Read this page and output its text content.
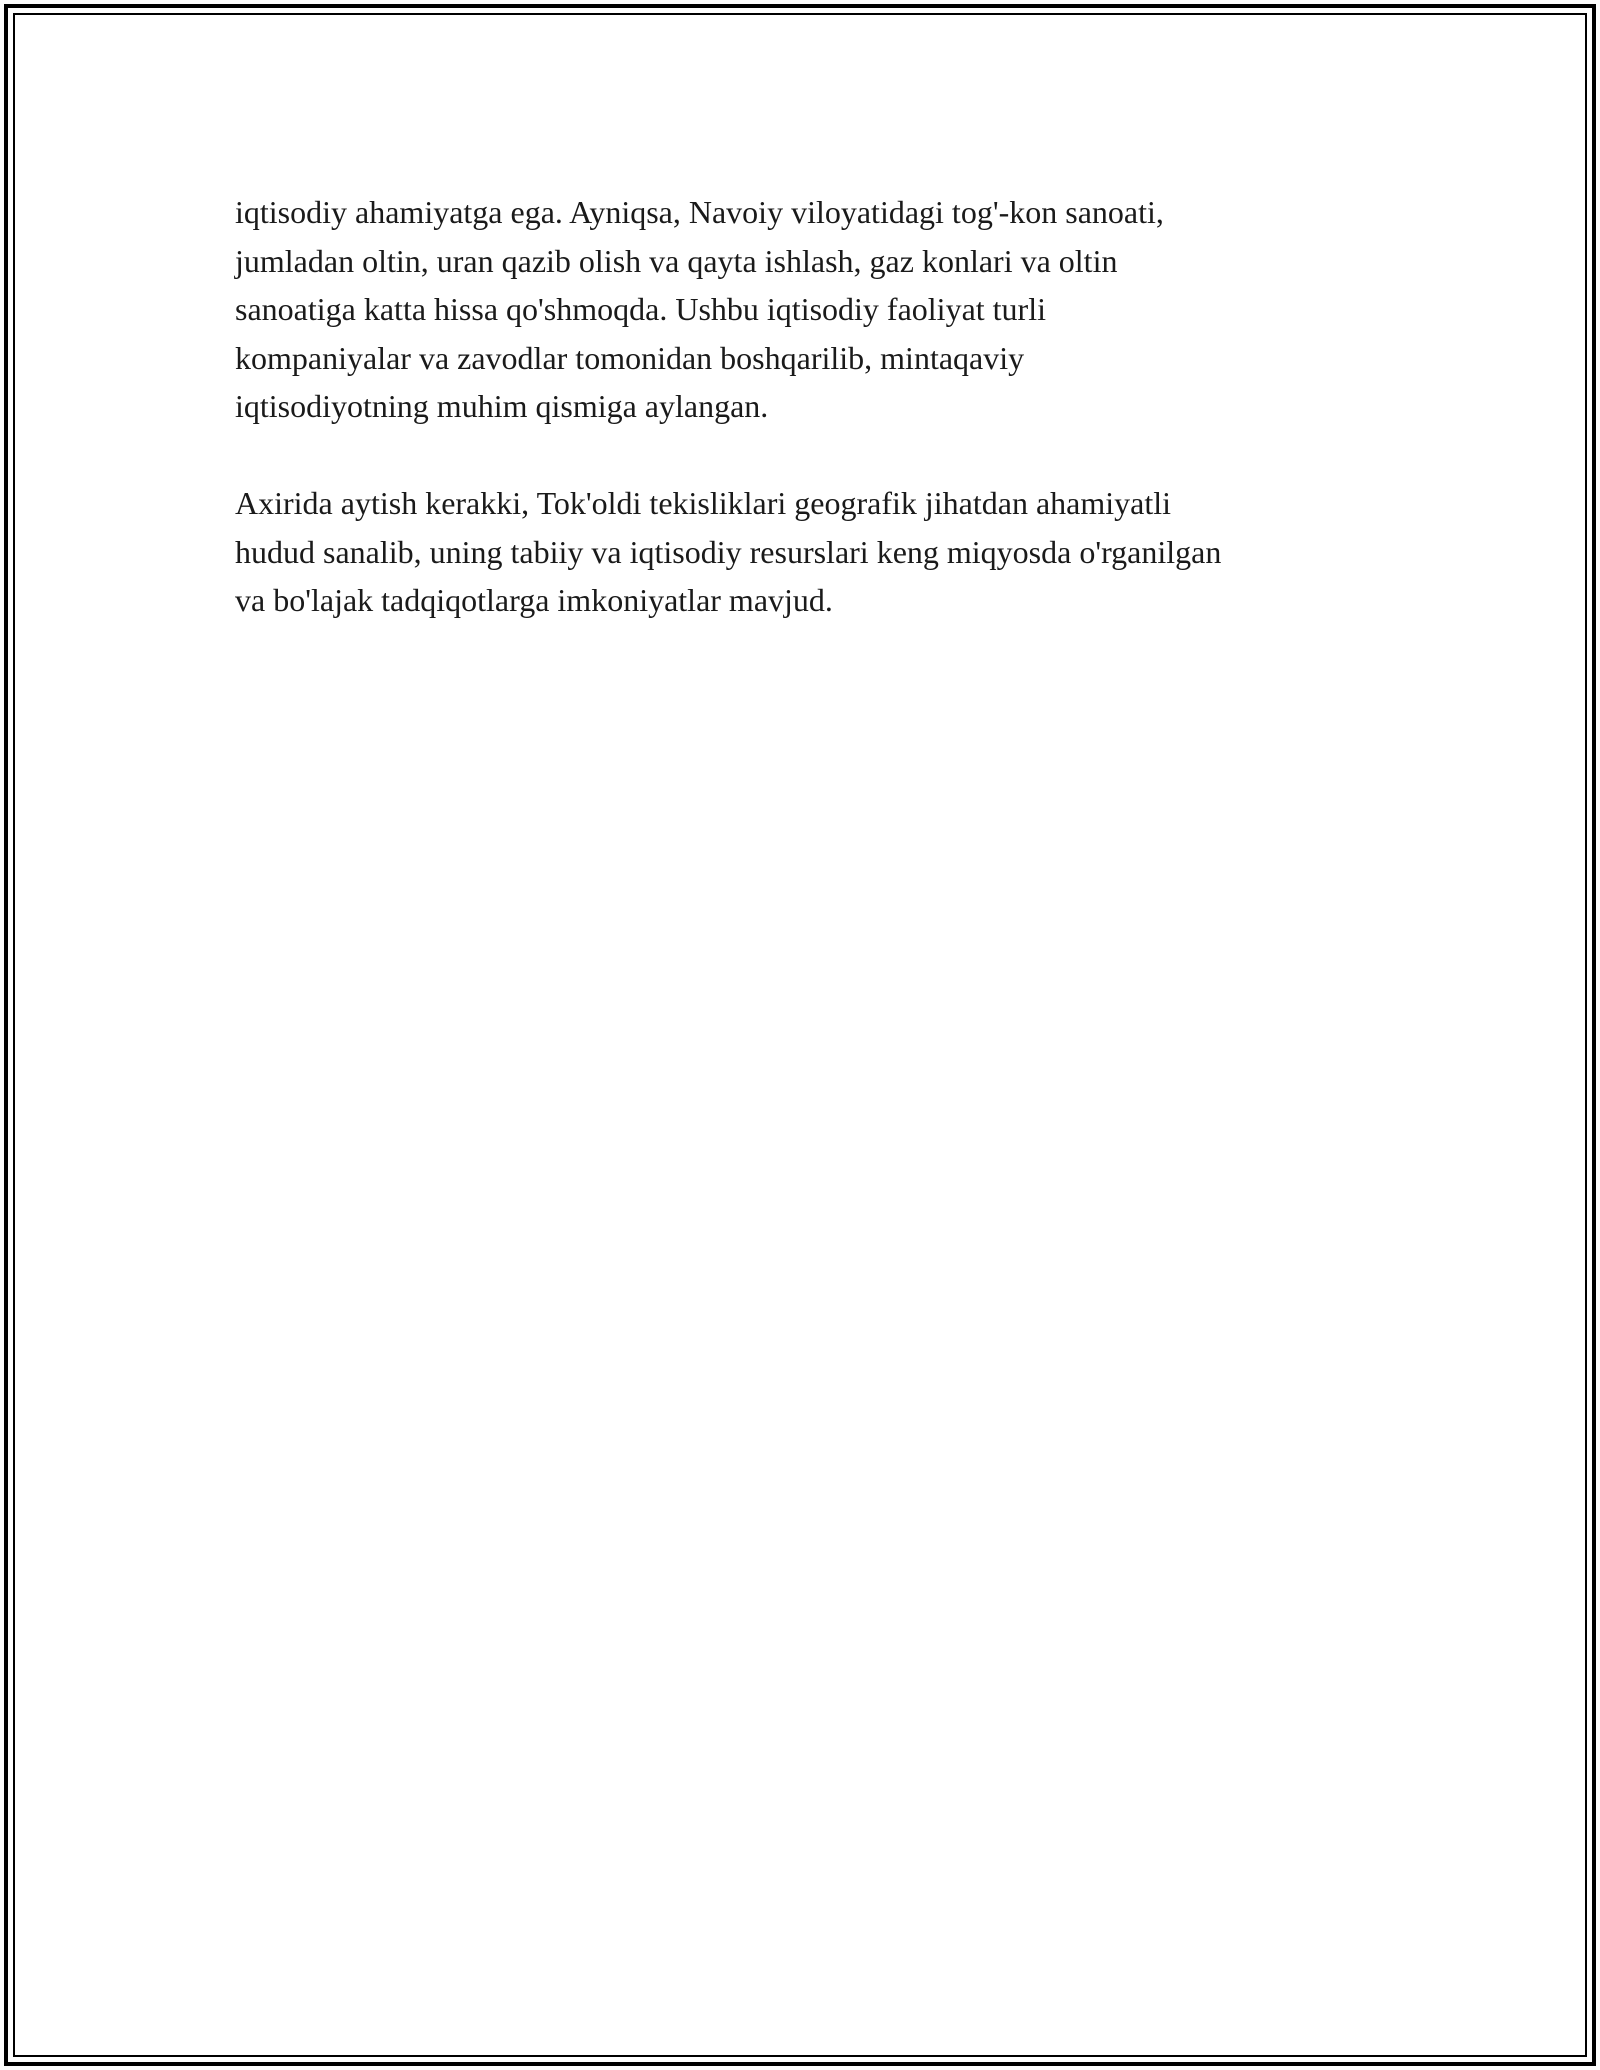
iqtisodiy ahamiyatga ega. Ayniqsa, Navoiy viloyatidagi tog'-kon sanoati,
jumladan oltin, uran qazib olish va qayta ishlash, gaz konlari va oltin
sanoatiga katta hissa qo'shmoqda. Ushbu iqtisodiy faoliyat turli
kompaniyalar va zavodlar tomonidan boshqarilib, mintaqaviy
iqtisodiyotning muhim qismiga aylangan.

Axirida aytish kerakki, Tok'oldi tekisliklari geografik jihatdan ahamiyatli
hudud sanalib, uning tabiiy va iqtisodiy resurslari keng miqyosda o'rganilgan
va bo'lajak tadqiqotlarga imkoniyatlar mavjud.
